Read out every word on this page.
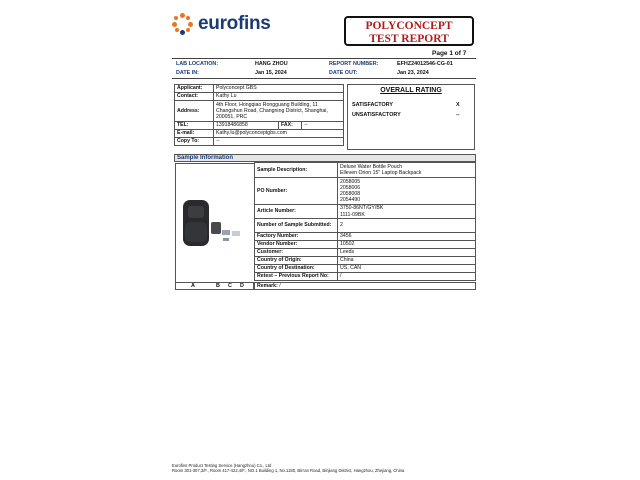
eurofins	POLYCONCEPT
TEST REPORT
Page 1 of 7
LAB LOCATION:	HANG ZHOU	REPORT NUMBER:	EFHZ24012546-CG-01
DATE IN:	Jan 15, 2024	DATE OUT:	Jan 23, 2024
Applicant:	Polyconcept GBS		
Contact:	Kathy Lu		
Address:	4th Floor, Hongqiao Rongguang Building, 11 Changshun Road, Changning District, Shanghai, 200051, PRC		
TEL:	13918486858	FAX:	--
E-mail:	Kathy.lu@polyconceptgbs.com		
Copy To:	--		
OVERALL RATING
SATISFACTORY	X
UNSATISFACTORY	--
Sample Information
Sample Description:	Deluxe Water Bottle Pouch
Elleven Orion 15" Laptop Backpack

PO Number:	2058005
2058006
2058008
2054490

Article Number:	3750-86NT/GY/BK
1111-09BK

Number of Sample Submitted:	2
Factory Number:	3456
Vendor Number:	10502
Customer:	Leeds
Country of Origin:	China
Country of Destination:	US, CAN
Retest – Previous Report No:	/
A	B C D	Remark: /
Eurofins Product Testing Service (Hangzhou) Co., Ltd
Room 301-307,3/F., Room 417-422,4/F., NO.1 Building 1, No.1180, Bin'an Road, Binjiang District, Hangzhou, Zhejiang, China
